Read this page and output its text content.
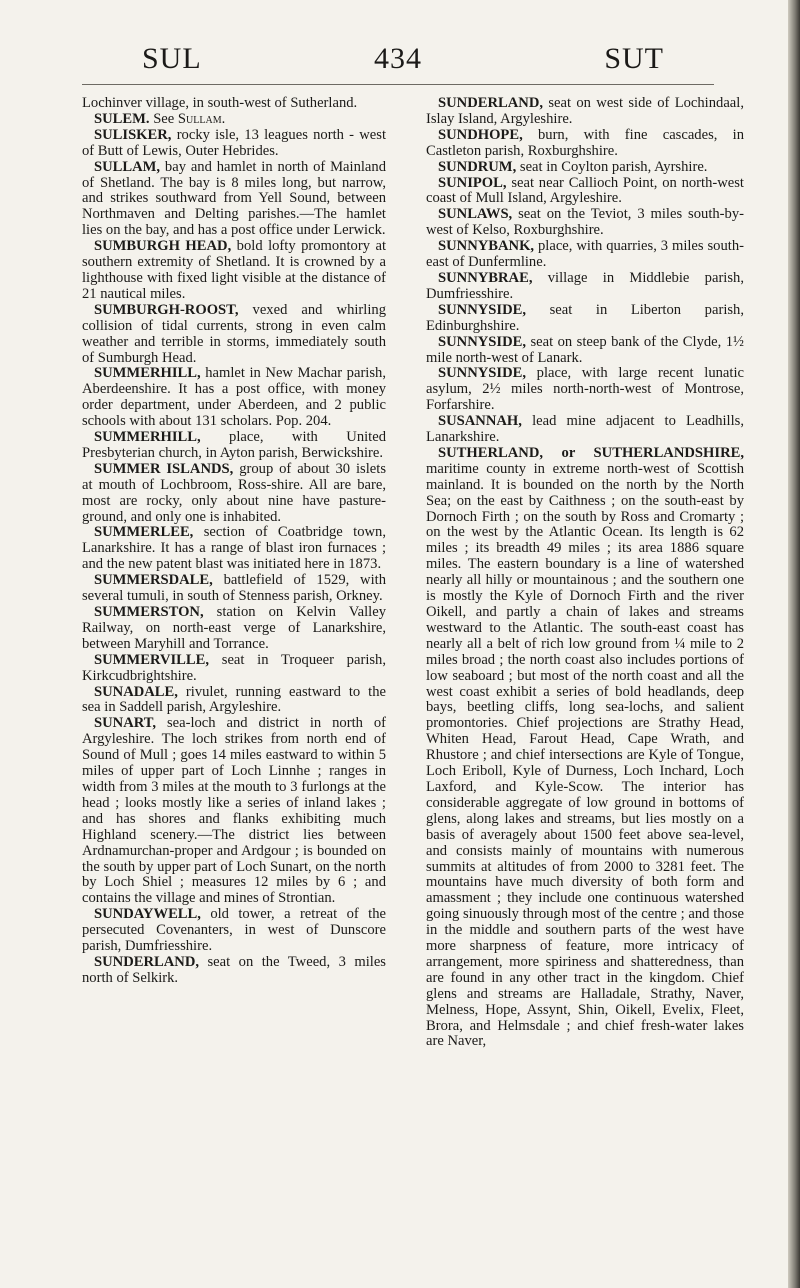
SUL	434	SUT

Lochinver village, in south-west of Sutherland.

SULEM. See Sullam.

SULISKER, rocky isle, 13 leagues north - west of Butt of Lewis, Outer Hebrides.

SULLAM, bay and hamlet in north of Mainland of Shetland. The bay is 8 miles long, but narrow, and strikes southward from Yell Sound, between Northmaven and Delting parishes.—The hamlet lies on the bay, and has a post office under Lerwick.

SUMBURGH HEAD, bold lofty promontory at southern extremity of Shetland. It is crowned by a lighthouse with fixed light visible at the distance of 21 nautical miles.

SUMBURGH-ROOST, vexed and whirling collision of tidal currents, strong in even calm weather and terrible in storms, immediately south of Sumburgh Head.

SUMMERHILL, hamlet in New Machar parish, Aberdeenshire. It has a post office, with money order department, under Aberdeen, and 2 public schools with about 131 scholars. Pop. 204.

SUMMERHILL, place, with United Presbyterian church, in Ayton parish, Berwickshire.

SUMMER ISLANDS, group of about 30 islets at mouth of Lochbroom, Ross-shire. All are bare, most are rocky, only about nine have pasture-ground, and only one is inhabited.

SUMMERLEE, section of Coatbridge town, Lanarkshire. It has a range of blast iron furnaces ; and the new patent blast was initiated here in 1873.

SUMMERSDALE, battlefield of 1529, with several tumuli, in south of Stenness parish, Orkney.

SUMMERSTON, station on Kelvin Valley Railway, on north-east verge of Lanarkshire, between Maryhill and Torrance.

SUMMERVILLE, seat in Troqueer parish, Kirkcudbrightshire.

SUNADALE, rivulet, running eastward to the sea in Saddell parish, Argyleshire.

SUNART, sea-loch and district in north of Argyleshire. The loch strikes from north end of Sound of Mull ; goes 14 miles eastward to within 5 miles of upper part of Loch Linnhe ; ranges in width from 3 miles at the mouth to 3 furlongs at the head ; looks mostly like a series of inland lakes ; and has shores and flanks exhibiting much Highland scenery.—The district lies between Ardnamurchan-proper and Ardgour ; is bounded on the south by upper part of Loch Sunart, on the north by Loch Shiel ; measures 12 miles by 6 ; and contains the village and mines of Strontian.

SUNDAYWELL, old tower, a retreat of the persecuted Covenanters, in west of Dunscore parish, Dumfriesshire.

SUNDERLAND, seat on the Tweed, 3 miles north of Selkirk.

SUNDERLAND, seat on west side of Lochindaal, Islay Island, Argyleshire.

SUNDHOPE, burn, with fine cascades, in Castleton parish, Roxburghshire.

SUNDRUM, seat in Coylton parish, Ayrshire.

SUNIPOL, seat near Callioch Point, on north-west coast of Mull Island, Argyleshire.

SUNLAWS, seat on the Teviot, 3 miles south-by-west of Kelso, Roxburghshire.

SUNNYBANK, place, with quarries, 3 miles south-east of Dunfermline.

SUNNYBRAE, village in Middlebie parish, Dumfriesshire.

SUNNYSIDE, seat in Liberton parish, Edinburghshire.

SUNNYSIDE, seat on steep bank of the Clyde, 1½ mile north-west of Lanark.

SUNNYSIDE, place, with large recent lunatic asylum, 2½ miles north-north-west of Montrose, Forfarshire.

SUSANNAH, lead mine adjacent to Leadhills, Lanarkshire.

SUTHERLAND, or SUTHERLANDSHIRE, maritime county in extreme north-west of Scottish mainland. It is bounded on the north by the North Sea; on the east by Caithness ; on the south-east by Dornoch Firth ; on the south by Ross and Cromarty ; on the west by the Atlantic Ocean. Its length is 62 miles ; its breadth 49 miles ; its area 1886 square miles. The eastern boundary is a line of watershed nearly all hilly or mountainous ; and the southern one is mostly the Kyle of Dornoch Firth and the river Oikell, and partly a chain of lakes and streams westward to the Atlantic. The south-east coast has nearly all a belt of rich low ground from ¼ mile to 2 miles broad ; the north coast also includes portions of low seaboard ; but most of the north coast and all the west coast exhibit a series of bold headlands, deep bays, beetling cliffs, long sea-lochs, and salient promontories. Chief projections are Strathy Head, Whiten Head, Farout Head, Cape Wrath, and Rhustore ; and chief intersections are Kyle of Tongue, Loch Eriboll, Kyle of Durness, Loch Inchard, Loch Laxford, and Kyle-Scow. The interior has considerable aggregate of low ground in bottoms of glens, along lakes and streams, but lies mostly on a basis of averagely about 1500 feet above sea-level, and consists mainly of mountains with numerous summits at altitudes of from 2000 to 3281 feet. The mountains have much diversity of both form and amassment ; they include one continuous watershed going sinuously through most of the centre ; and those in the middle and southern parts of the west have more sharpness of feature, more intricacy of arrangement, more spiriness and shatteredness, than are found in any other tract in the kingdom. Chief glens and streams are Halladale, Strathy, Naver, Melness, Hope, Assynt, Shin, Oikell, Evelix, Fleet, Brora, and Helmsdale ; and chief fresh-water lakes are Naver,
